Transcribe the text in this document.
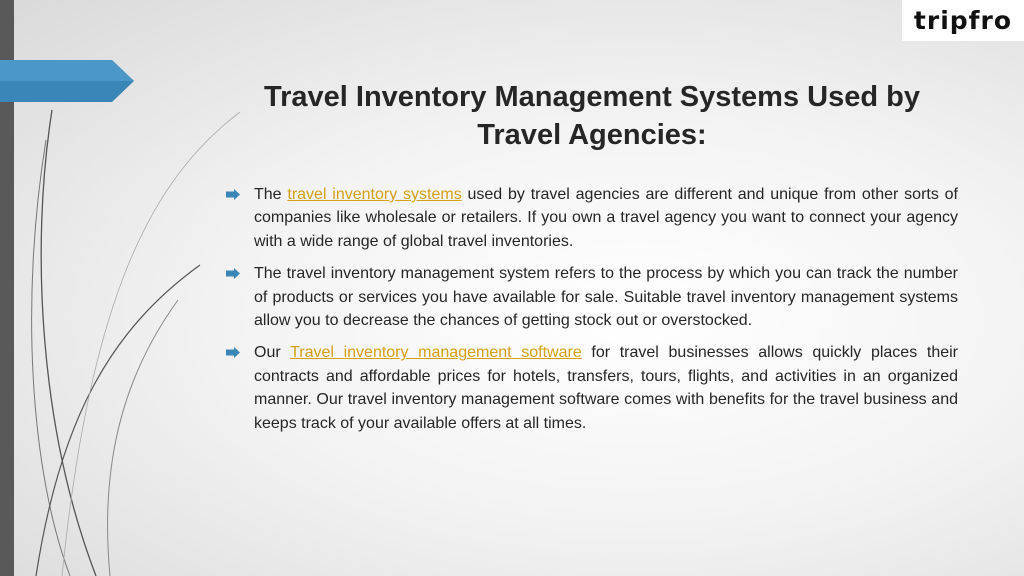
tripfro
Travel Inventory Management Systems Used by Travel Agencies:
The travel inventory systems used by travel agencies are different and unique from other sorts of companies like wholesale or retailers. If you own a travel agency you want to connect your agency with a wide range of global travel inventories.
The travel inventory management system refers to the process by which you can track the number of products or services you have available for sale. Suitable travel inventory management systems allow you to decrease the chances of getting stock out or overstocked.
Our Travel inventory management software for travel businesses allows quickly places their contracts and affordable prices for hotels, transfers, tours, flights, and activities in an organized manner. Our travel inventory management software comes with benefits for the travel business and keeps track of your available offers at all times.
